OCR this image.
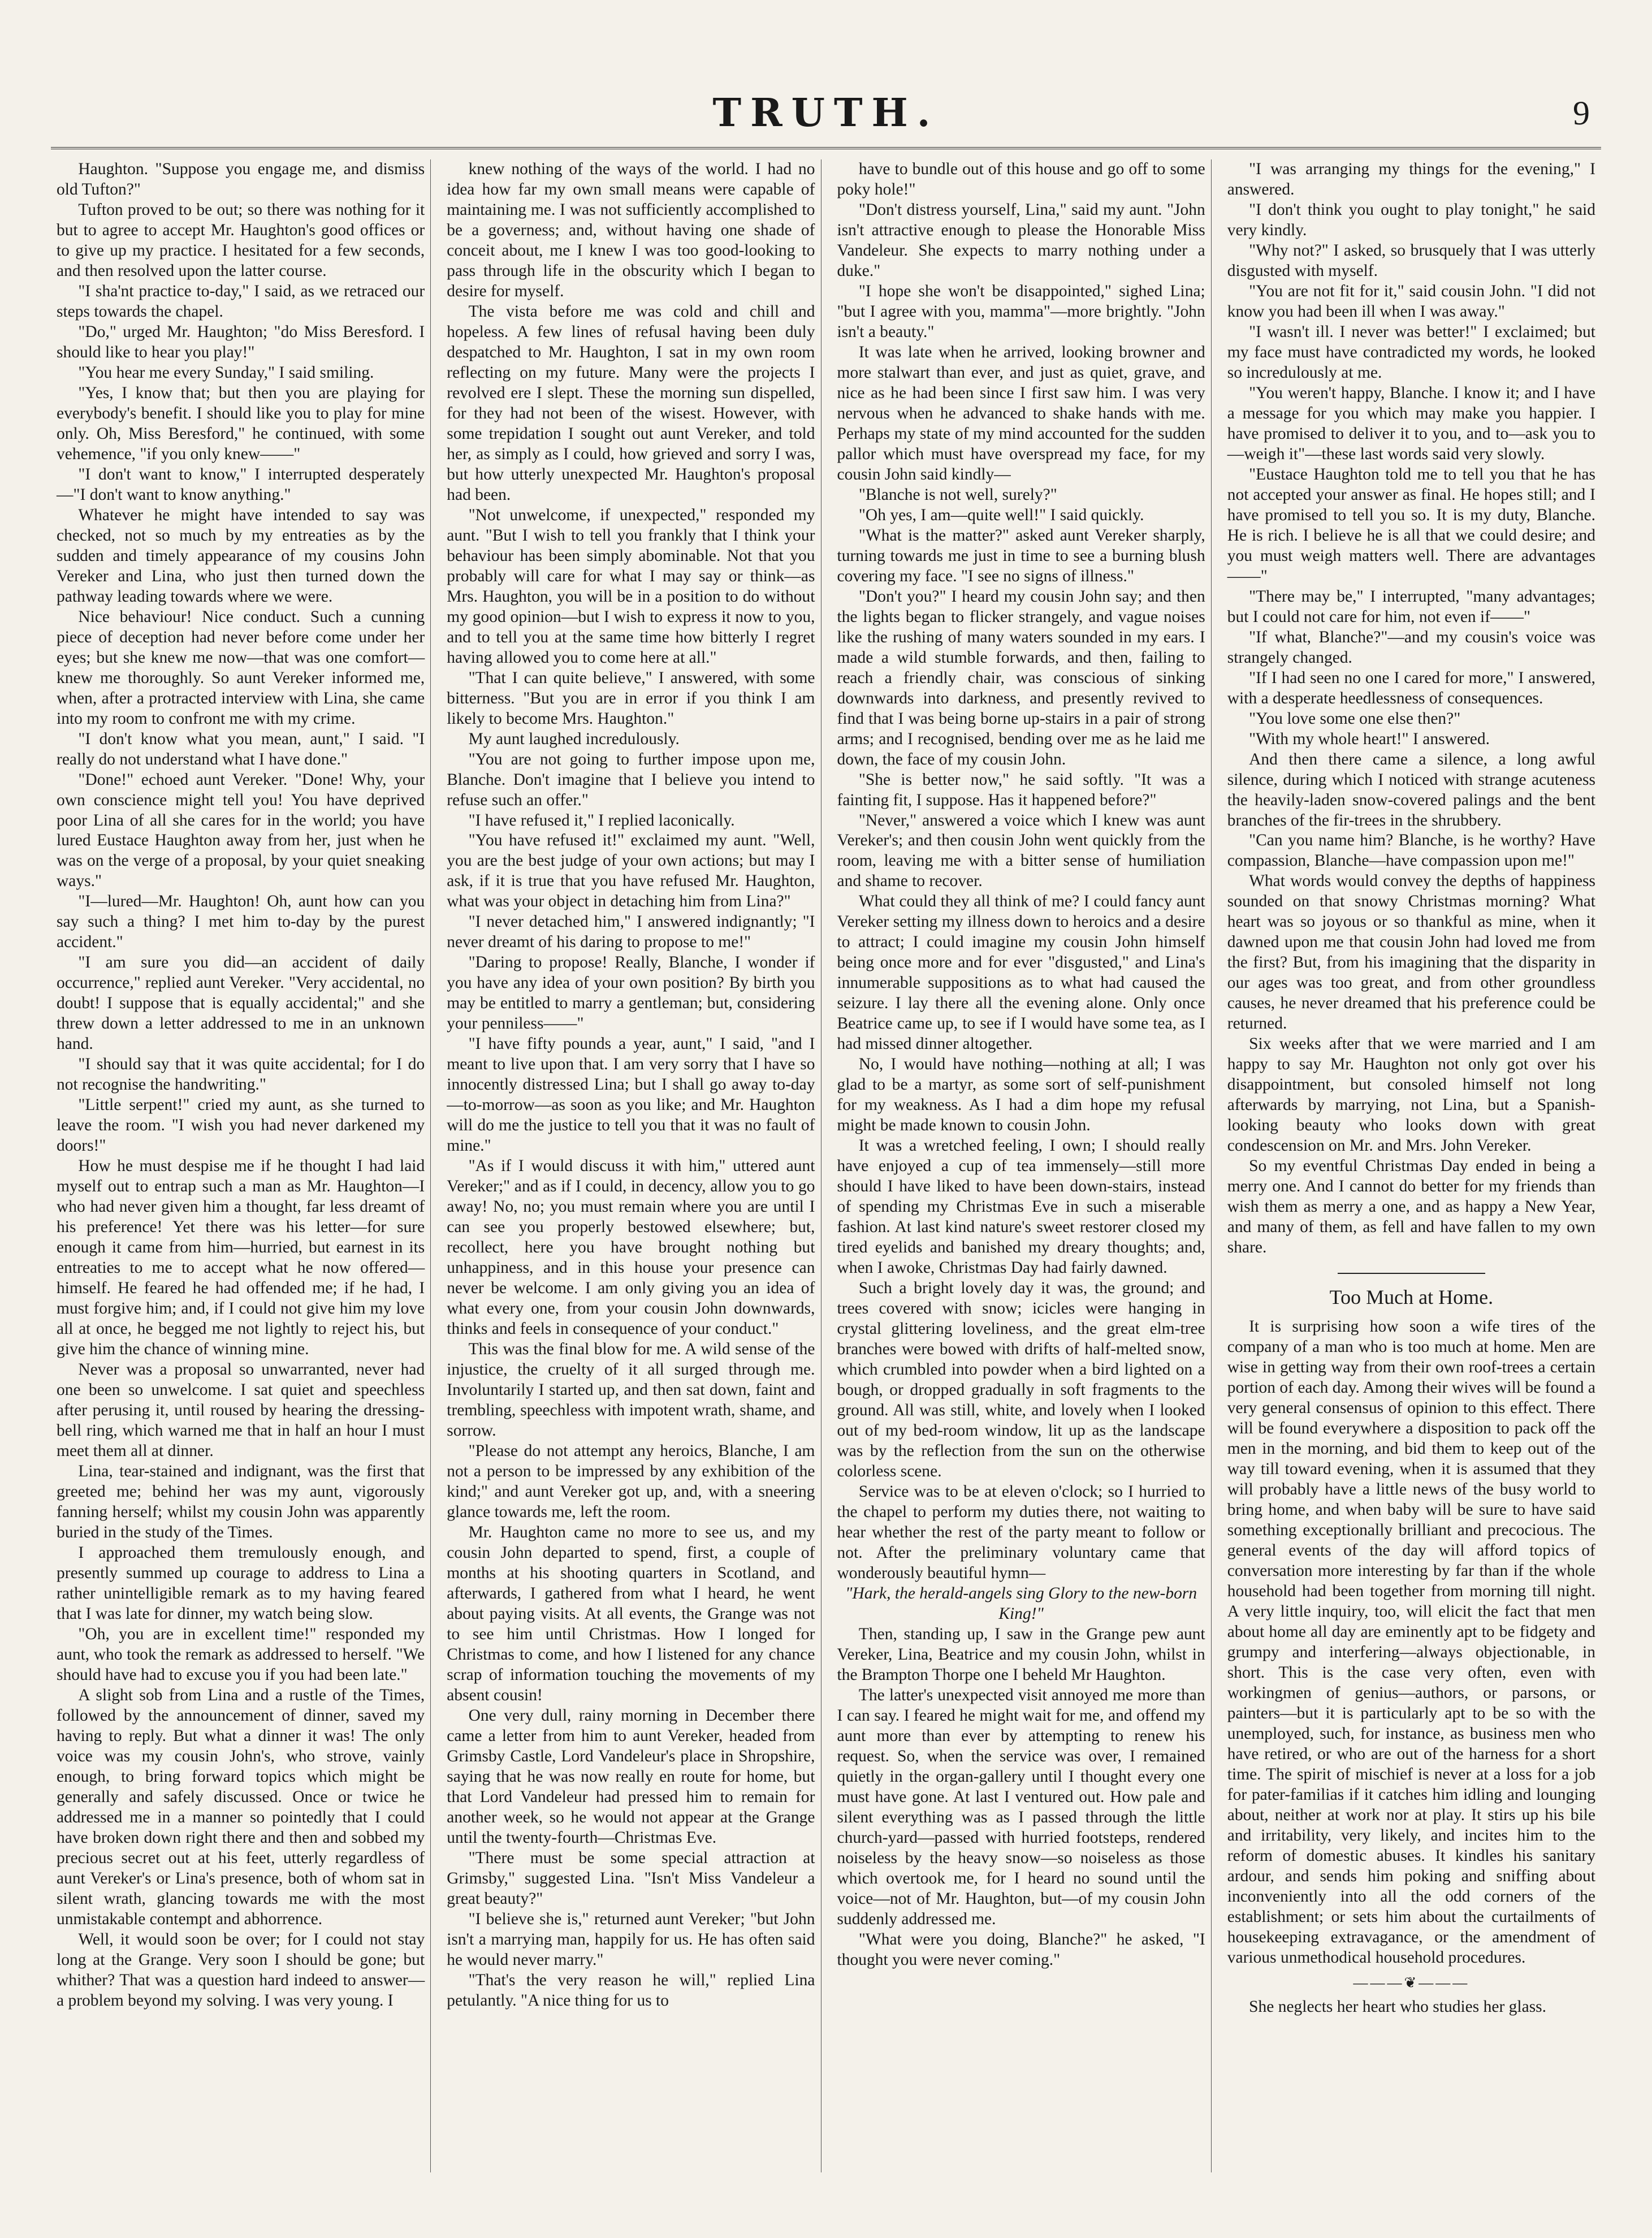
TRUTH.	9

Haughton. "Suppose you engage me, and dismiss old Tufton?"

Tufton proved to be out; so there was nothing for it but to agree to accept Mr. Haughton's good offices or to give up my practice. I hesitated for a few seconds, and then resolved upon the latter course.

"I sha'nt practice to-day," I said, as we retraced our steps towards the chapel.

"Do," urged Mr. Haughton; "do Miss Beresford. I should like to hear you play!"

"You hear me every Sunday," I said smiling.

"Yes, I know that; but then you are playing for everybody's benefit. I should like you to play for mine only. Oh, Miss Beresford," he continued, with some vehemence, "if you only knew——"

"I don't want to know," I interrupted desperately—"I don't want to know anything."

Whatever he might have intended to say was checked, not so much by my entreaties as by the sudden and timely appearance of my cousins John Vereker and Lina, who just then turned down the pathway leading towards where we were.

Nice behaviour! Nice conduct. Such a cunning piece of deception had never before come under her eyes; but she knew me now—that was one comfort—knew me thoroughly. So aunt Vereker informed me, when, after a protracted interview with Lina, she came into my room to confront me with my crime.

"I don't know what you mean, aunt," I said. "I really do not understand what I have done."

"Done!" echoed aunt Vereker. "Done! Why, your own conscience might tell you! You have deprived poor Lina of all she cares for in the world; you have lured Eustace Haughton away from her, just when he was on the verge of a proposal, by your quiet sneaking ways."

"I—lured—Mr. Haughton! Oh, aunt how can you say such a thing? I met him to-day by the purest accident."

"I am sure you did—an accident of daily occurrence," replied aunt Vereker. "Very accidental, no doubt! I suppose that is equally accidental;" and she threw down a letter addressed to me in an unknown hand.

"I should say that it was quite accidental; for I do not recognise the handwriting."

"Little serpent!" cried my aunt, as she turned to leave the room. "I wish you had never darkened my doors!"

How he must despise me if he thought I had laid myself out to entrap such a man as Mr. Haughton—I who had never given him a thought, far less dreamt of his preference! Yet there was his letter—for sure enough it came from him—hurried, but earnest in its entreaties to me to accept what he now offered—himself. He feared he had offended me; if he had, I must forgive him; and, if I could not give him my love all at once, he begged me not lightly to reject his, but give him the chance of winning mine.

Never was a proposal so unwarranted, never had one been so unwelcome. I sat quiet and speechless after perusing it, until roused by hearing the dressing-bell ring, which warned me that in half an hour I must meet them all at dinner.

Lina, tear-stained and indignant, was the first that greeted me; behind her was my aunt, vigorously fanning herself; whilst my cousin John was apparently buried in the study of the Times.

I approached them tremulously enough, and presently summed up courage to address to Lina a rather unintelligible remark as to my having feared that I was late for dinner, my watch being slow.

"Oh, you are in excellent time!" responded my aunt, who took the remark as addressed to herself. "We should have had to excuse you if you had been late."

A slight sob from Lina and a rustle of the Times, followed by the announcement of dinner, saved my having to reply. But what a dinner it was! The only voice was my cousin John's, who strove, vainly enough, to bring forward topics which might be generally and safely discussed. Once or twice he addressed me in a manner so pointedly that I could have broken down right there and then and sobbed my precious secret out at his feet, utterly regardless of aunt Vereker's or Lina's presence, both of whom sat in silent wrath, glancing towards me with the most unmistakable contempt and abhorrence.

Well, it would soon be over; for I could not stay long at the Grange. Very soon I should be gone; but whither? That was a question hard indeed to answer—a problem beyond my solving. I was very young. I

knew nothing of the ways of the world. I had no idea how far my own small means were capable of maintaining me. I was not sufficiently accomplished to be a governess; and, without having one shade of conceit about, me I knew I was too good-looking to pass through life in the obscurity which I began to desire for myself.

The vista before me was cold and chill and hopeless. A few lines of refusal having been duly despatched to Mr. Haughton, I sat in my own room reflecting on my future. Many were the projects I revolved ere I slept. These the morning sun dispelled, for they had not been of the wisest. However, with some trepidation I sought out aunt Vereker, and told her, as simply as I could, how grieved and sorry I was, but how utterly unexpected Mr. Haughton's proposal had been.

"Not unwelcome, if unexpected," responded my aunt. "But I wish to tell you frankly that I think your behaviour has been simply abominable. Not that you probably will care for what I may say or think—as Mrs. Haughton, you will be in a position to do without my good opinion—but I wish to express it now to you, and to tell you at the same time how bitterly I regret having allowed you to come here at all."

"That I can quite believe," I answered, with some bitterness. "But you are in error if you think I am likely to become Mrs. Haughton."

My aunt laughed incredulously.

"You are not going to further impose upon me, Blanche. Don't imagine that I believe you intend to refuse such an offer."

"I have refused it," I replied laconically.

"You have refused it!" exclaimed my aunt. "Well, you are the best judge of your own actions; but may I ask, if it is true that you have refused Mr. Haughton, what was your object in detaching him from Lina?"

"I never detached him," I answered indignantly; "I never dreamt of his daring to propose to me!"

"Daring to propose! Really, Blanche, I wonder if you have any idea of your own position? By birth you may be entitled to marry a gentleman; but, considering your penniless——"

"I have fifty pounds a year, aunt," I said, "and I meant to live upon that. I am very sorry that I have so innocently distressed Lina; but I shall go away to-day—to-morrow—as soon as you like; and Mr. Haughton will do me the justice to tell you that it was no fault of mine."

"As if I would discuss it with him," uttered aunt Vereker;" and as if I could, in decency, allow you to go away! No, no; you must remain where you are until I can see you properly bestowed elsewhere; but, recollect, here you have brought nothing but unhappiness, and in this house your presence can never be welcome. I am only giving you an idea of what every one, from your cousin John downwards, thinks and feels in consequence of your conduct."

This was the final blow for me. A wild sense of the injustice, the cruelty of it all surged through me. Involuntarily I started up, and then sat down, faint and trembling, speechless with impotent wrath, shame, and sorrow.

"Please do not attempt any heroics, Blanche, I am not a person to be impressed by any exhibition of the kind;" and aunt Vereker got up, and, with a sneering glance towards me, left the room.

Mr. Haughton came no more to see us, and my cousin John departed to spend, first, a couple of months at his shooting quarters in Scotland, and afterwards, I gathered from what I heard, he went about paying visits. At all events, the Grange was not to see him until Christmas. How I longed for Christmas to come, and how I listened for any chance scrap of information touching the movements of my absent cousin!

One very dull, rainy morning in December there came a letter from him to aunt Vereker, headed from Grimsby Castle, Lord Vandeleur's place in Shropshire, saying that he was now really en route for home, but that Lord Vandeleur had pressed him to remain for another week, so he would not appear at the Grange until the twenty-fourth—Christmas Eve.

"There must be some special attraction at Grimsby," suggested Lina. "Isn't Miss Vandeleur a great beauty?"

"I believe she is," returned aunt Vereker; "but John isn't a marrying man, happily for us. He has often said he would never marry."

"That's the very reason he will," replied Lina petulantly. "A nice thing for us to

have to bundle out of this house and go off to some poky hole!"

"Don't distress yourself, Lina," said my aunt. "John isn't attractive enough to please the Honorable Miss Vandeleur. She expects to marry nothing under a duke."

"I hope she won't be disappointed," sighed Lina; "but I agree with you, mamma"—more brightly. "John isn't a beauty."

It was late when he arrived, looking browner and more stalwart than ever, and just as quiet, grave, and nice as he had been since I first saw him. I was very nervous when he advanced to shake hands with me. Perhaps my state of my mind accounted for the sudden pallor which must have overspread my face, for my cousin John said kindly—

"Blanche is not well, surely?"

"Oh yes, I am—quite well!" I said quickly.

"What is the matter?" asked aunt Vereker sharply, turning towards me just in time to see a burning blush covering my face. "I see no signs of illness."

"Don't you?" I heard my cousin John say; and then the lights began to flicker strangely, and vague noises like the rushing of many waters sounded in my ears. I made a wild stumble forwards, and then, failing to reach a friendly chair, was conscious of sinking downwards into darkness, and presently revived to find that I was being borne up-stairs in a pair of strong arms; and I recognised, bending over me as he laid me down, the face of my cousin John.

"She is better now," he said softly. "It was a fainting fit, I suppose. Has it happened before?"

"Never," answered a voice which I knew was aunt Vereker's; and then cousin John went quickly from the room, leaving me with a bitter sense of humiliation and shame to recover.

What could they all think of me? I could fancy aunt Vereker setting my illness down to heroics and a desire to attract; I could imagine my cousin John himself being once more and for ever "disgusted," and Lina's innumerable suppositions as to what had caused the seizure. I lay there all the evening alone. Only once Beatrice came up, to see if I would have some tea, as I had missed dinner altogether.

No, I would have nothing—nothing at all; I was glad to be a martyr, as some sort of self-punishment for my weakness. As I had a dim hope my refusal might be made known to cousin John.

It was a wretched feeling, I own; I should really have enjoyed a cup of tea immensely—still more should I have liked to have been down-stairs, instead of spending my Christmas Eve in such a miserable fashion. At last kind nature's sweet restorer closed my tired eyelids and banished my dreary thoughts; and, when I awoke, Christmas Day had fairly dawned.

Such a bright lovely day it was, the ground; and trees covered with snow; icicles were hanging in crystal glittering loveliness, and the great elm-tree branches were bowed with drifts of half-melted snow, which crumbled into powder when a bird lighted on a bough, or dropped gradually in soft fragments to the ground. All was still, white, and lovely when I looked out of my bed-room window, lit up as the landscape was by the reflection from the sun on the otherwise colorless scene.

Service was to be at eleven o'clock; so I hurried to the chapel to perform my duties there, not waiting to hear whether the rest of the party meant to follow or not. After the preliminary voluntary came that wonderously beautiful hymn—

"Hark, the herald-angels sing Glory to the new-born King!"

Then, standing up, I saw in the Grange pew aunt Vereker, Lina, Beatrice and my cousin John, whilst in the Brampton Thorpe one I beheld Mr Haughton.

The latter's unexpected visit annoyed me more than I can say. I feared he might wait for me, and offend my aunt more than ever by attempting to renew his request. So, when the service was over, I remained quietly in the organ-gallery until I thought every one must have gone. At last I ventured out. How pale and silent everything was as I passed through the little church-yard—passed with hurried footsteps, rendered noiseless by the heavy snow—so noiseless as those which overtook me, for I heard no sound until the voice—not of Mr. Haughton, but—of my cousin John suddenly addressed me.

"What were you doing, Blanche?" he asked, "I thought you were never coming."

"I was arranging my things for the evening," I answered.

"I don't think you ought to play tonight," he said very kindly.

"Why not?" I asked, so brusquely that I was utterly disgusted with myself.

"You are not fit for it," said cousin John. "I did not know you had been ill when I was away."

"I wasn't ill. I never was better!" I exclaimed; but my face must have contradicted my words, he looked so incredulously at me.

"You weren't happy, Blanche. I know it; and I have a message for you which may make you happier. I have promised to deliver it to you, and to—ask you to—weigh it"—these last words said very slowly.

"Eustace Haughton told me to tell you that he has not accepted your answer as final. He hopes still; and I have promised to tell you so. It is my duty, Blanche. He is rich. I believe he is all that we could desire; and you must weigh matters well. There are advantages——"

"There may be," I interrupted, "many advantages; but I could not care for him, not even if——"

"If what, Blanche?"—and my cousin's voice was strangely changed.

"If I had seen no one I cared for more," I answered, with a desperate heedlessness of consequences.

"You love some one else then?"

"With my whole heart!" I answered.

And then there came a silence, a long awful silence, during which I noticed with strange acuteness the heavily-laden snow-covered palings and the bent branches of the fir-trees in the shrubbery.

"Can you name him? Blanche, is he worthy? Have compassion, Blanche—have compassion upon me!"

What words would convey the depths of happiness sounded on that snowy Christmas morning? What heart was so joyous or so thankful as mine, when it dawned upon me that cousin John had loved me from the first? But, from his imagining that the disparity in our ages was too great, and from other groundless causes, he never dreamed that his preference could be returned.

Six weeks after that we were married and I am happy to say Mr. Haughton not only got over his disappointment, but consoled himself not long afterwards by marrying, not Lina, but a Spanish-looking beauty who looks down with great condescension on Mr. and Mrs. John Vereker.

So my eventful Christmas Day ended in being a merry one. And I cannot do better for my friends than wish them as merry a one, and as happy a New Year, and many of them, as fell and have fallen to my own share.

Too Much at Home.

It is surprising how soon a wife tires of the company of a man who is too much at home. Men are wise in getting way from their own roof-trees a certain portion of each day. Among their wives will be found a very general consensus of opinion to this effect. There will be found everywhere a disposition to pack off the men in the morning, and bid them to keep out of the way till toward evening, when it is assumed that they will probably have a little news of the busy world to bring home, and when baby will be sure to have said something exceptionally brilliant and precocious. The general events of the day will afford topics of conversation more interesting by far than if the whole household had been together from morning till night. A very little inquiry, too, will elicit the fact that men about home all day are eminently apt to be fidgety and grumpy and interfering—always objectionable, in short. This is the case very often, even with workingmen of genius—authors, or parsons, or painters—but it is particularly apt to be so with the unemployed, such, for instance, as business men who have retired, or who are out of the harness for a short time. The spirit of mischief is never at a loss for a job for pater-familias if it catches him idling and lounging about, neither at work nor at play. It stirs up his bile and irritability, very likely, and incites him to the reform of domestic abuses. It kindles his sanitary ardour, and sends him poking and sniffing about inconveniently into all the odd corners of the establishment; or sets him about the curtailments of housekeeping extravagance, or the amendment of various unmethodical household procedures.

———❦———

She neglects her heart who studies her glass.
